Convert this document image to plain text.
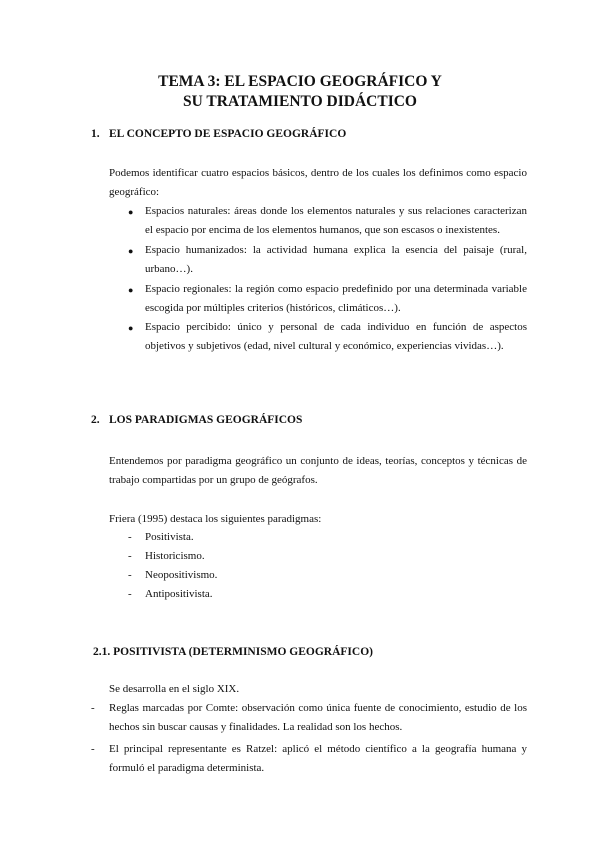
TEMA 3: EL ESPACIO GEOGRÁFICO Y
SU TRATAMIENTO DIDÁCTICO
1. EL CONCEPTO DE ESPACIO GEOGRÁFICO
Podemos identificar cuatro espacios básicos, dentro de los cuales los definimos como espacio geográfico:
● Espacios naturales: áreas donde los elementos naturales y sus relaciones caracterizan el espacio por encima de los elementos humanos, que son escasos o inexistentes.
● Espacio humanizados: la actividad humana explica la esencia del paisaje (rural, urbano…).
● Espacio regionales: la región como espacio predefinido por una determinada variable escogida por múltiples criterios (históricos, climáticos…).
● Espacio percibido: único y personal de cada individuo en función de aspectos objetivos y subjetivos (edad, nivel cultural y económico, experiencias vividas…).
2. LOS PARADIGMAS GEOGRÁFICOS
Entendemos por paradigma geográfico un conjunto de ideas, teorías, conceptos y técnicas de trabajo compartidas por un grupo de geógrafos.
Friera (1995) destaca los siguientes paradigmas:
- Positivista.
- Historicismo.
- Neopositivismo.
- Antipositivista.
2.1. POSITIVISTA (DETERMINISMO GEOGRÁFICO)
Se desarrolla en el siglo XIX.
- Reglas marcadas por Comte: observación como única fuente de conocimiento, estudio de los hechos sin buscar causas y finalidades. La realidad son los hechos.
- El principal representante es Ratzel: aplicó el método científico a la geografía humana y formuló el paradigma determinista.
